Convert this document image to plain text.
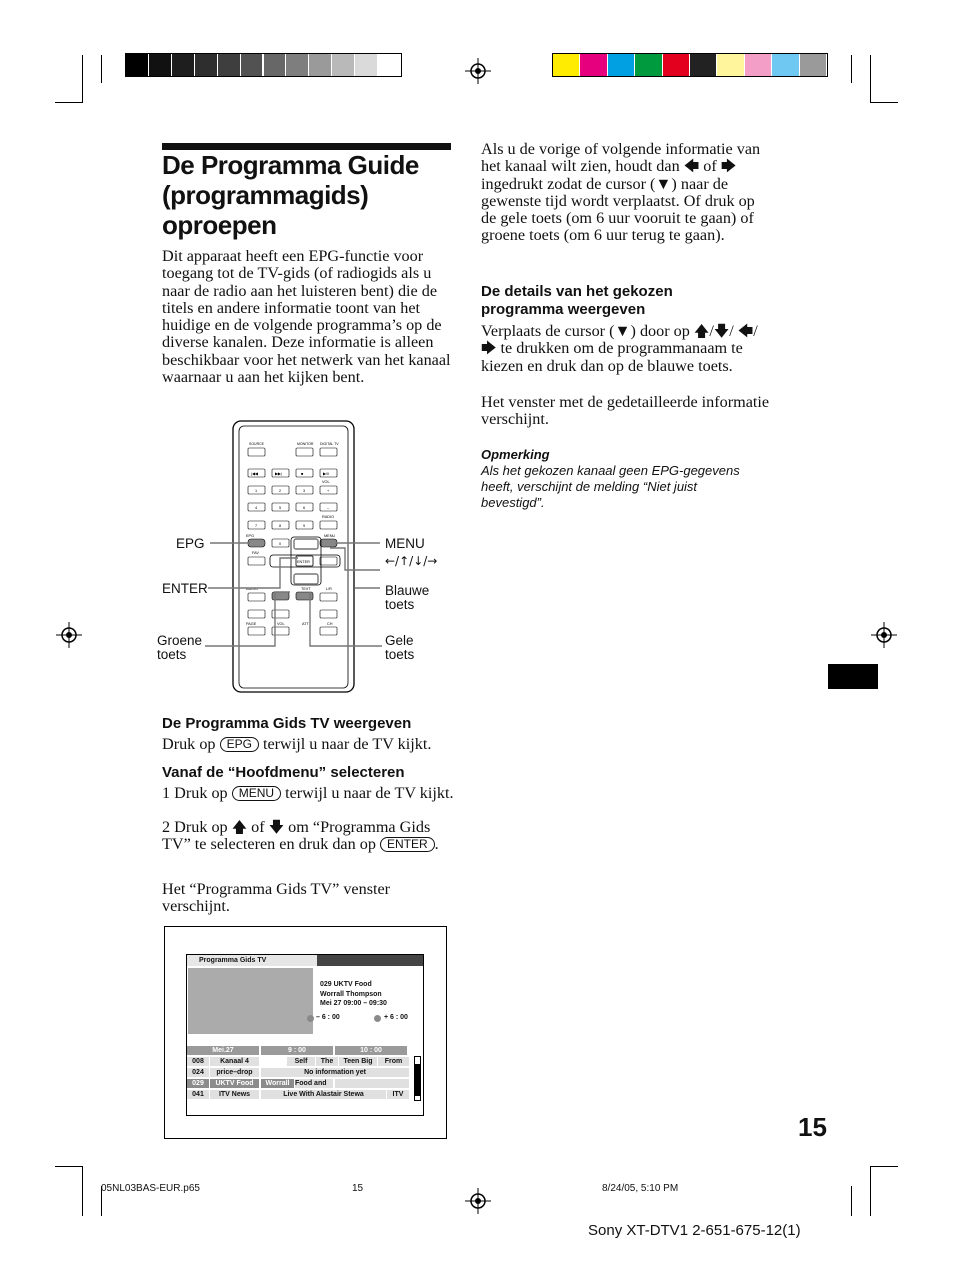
De Programma Guide (programmagids) oproepen
Dit apparaat heeft een EPG-functie voor toegang tot de TV-gids (of radiogids als u naar de radio aan het luisteren bent) die de titels en andere informatie toont van het huidige en de volgende programma’s op de diverse kanalen. Deze informatie is alleen beschikbaar voor het netwerk van het kanaal waarnaar u aan het kijken bent.
SOURCE	MONITOR DIGITAL TV
|◀◀	▶▶|	■	▶/II
1	2	3	+
4	5	6	–
7	8	9
0
EPG	MENU
ENTER
AUDIO	TEXT	L/R
PAGE	VOL	ATT	CH
VOL
RADIO
FAV
EPG
ENTER
Groene toets
MENU
←/↑/↓/→
Blauwe toets
Gele toets
De Programma Gids TV weergeven
Druk op EPG terwijl u naar de TV kijkt.
Vanaf de “Hoofdmenu” selecteren
1 Druk op MENU terwijl u naar de TV kijkt.
2 Druk op 🡅 of 🡇 om “Programma Gids TV” te selecteren en druk dan op ENTER .
Het “Programma Gids TV” venster verschijnt.
Programma Gids TV
029 UKTV Food
Worrall Thompson
Mei 27 09:00 – 09:30
– 6 : 00	+ 6 : 00
Mei.27	9 : 00	10 : 00
008	Kanaal 4	Self	The	Teen Big	From
024	price–drop	No information yet
029	UKTV Food	Worrall Food and
041	ITV News	Live With Alastair Stewa	ITV
Als u de vorige of volgende informatie van het kanaal wilt zien, houdt dan 🡄 of 🡆 ingedrukt zodat de cursor (▼) naar de gewenste tijd wordt verplaatst. Of druk op de gele toets (om 6 uur vooruit te gaan) of groene toets (om 6 uur terug te gaan).
De details van het gekozen programma weergeven
Verplaats de cursor (▼) door op 🡅/🡇/ 🡄/🡆 te drukken om de programmanaam te kiezen en druk dan op de blauwe toets.
Het venster met de gedetailleerde informatie verschijnt.
Opmerking
Als het gekozen kanaal geen EPG-gegevens heeft, verschijnt de melding “Niet juist bevestigd”.
15
05NL03BAS-EUR.p65	15	8/24/05, 5:10 PM
Sony XT-DTV1 2-651-675-12(1)
